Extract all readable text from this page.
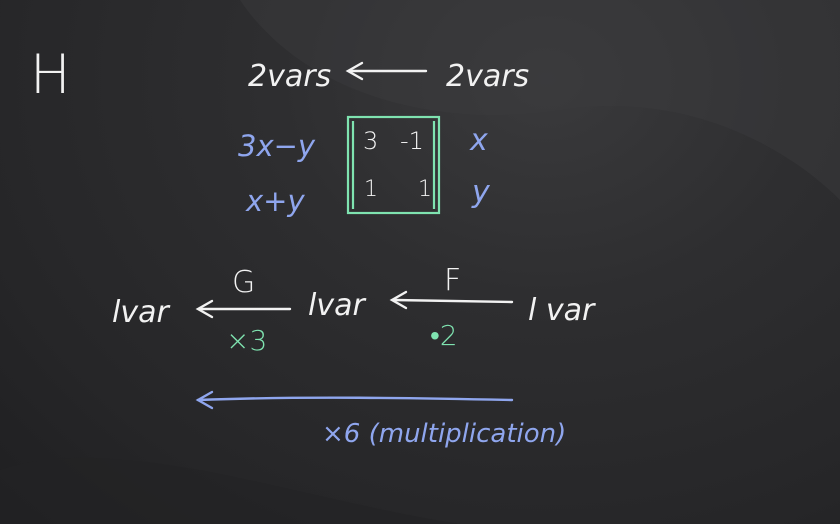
H	2vars	2vars
3x−y
x+y
3 -1
1 1
x
y
lvar
G
×3
lvar
F
•2
l var
×6 (multiplication)
